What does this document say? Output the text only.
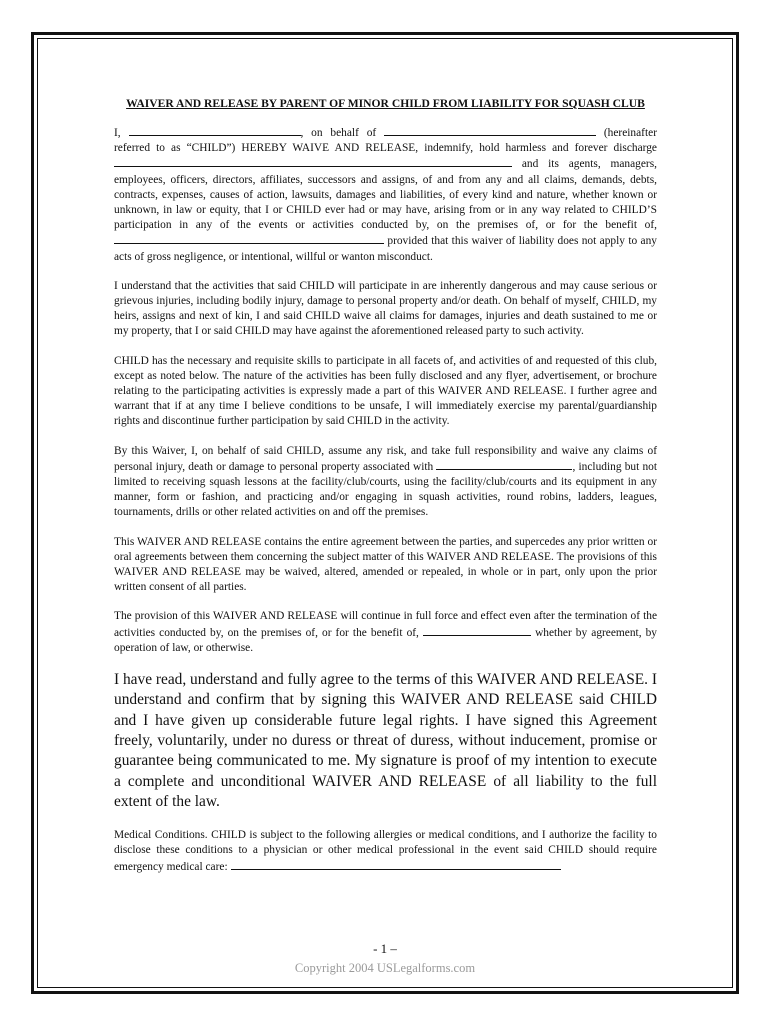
WAIVER AND RELEASE BY PARENT OF MINOR CHILD FROM LIABILITY FOR SQUASH CLUB
I,	, on behalf of	(hereinafter referred to as “CHILD”) HEREBY WAIVE AND RELEASE, indemnify, hold harmless and forever discharge  and its agents, managers, employees, officers, directors, affiliates, successors and assigns, of and from any and all claims, demands, debts, contracts, expenses, causes of action, lawsuits, damages and liabilities, of every kind and nature, whether known or unknown, in law or equity, that I or CHILD ever had or may have, arising from or in any way related to CHILD’S participation in any of the events or activities conducted by, on the premises of, or for the benefit of,  provided that this waiver of liability does not apply to any acts of gross negligence, or intentional, willful or wanton misconduct.
I understand that the activities that said CHILD will participate in are inherently dangerous and may cause serious or grievous injuries, including bodily injury, damage to personal property and/or death. On behalf of myself, CHILD, my heirs, assigns and next of kin, I and said CHILD waive all claims for damages, injuries and death sustained to me or my property, that I or said CHILD may have against the aforementioned released party to such activity.
CHILD has the necessary and requisite skills to participate in all facets of, and activities of and requested of this club, except as noted below. The nature of the activities has been fully disclosed and any flyer, advertisement, or brochure relating to the participating activities is expressly made a part of this WAIVER AND RELEASE. I further agree and warrant that if at any time I believe conditions to be unsafe, I will immediately exercise my parental/guardianship rights and discontinue further participation by said CHILD in the activity.
By this Waiver, I, on behalf of said CHILD, assume any risk, and take full responsibility and waive any claims of personal injury, death or damage to personal property associated with	, including but not limited to receiving squash lessons at the facility/club/courts, using the facility/club/courts and its equipment in any manner, form or fashion, and practicing and/or engaging in squash activities, round robins, ladders, leagues, tournaments, drills or other related activities on and off the premises.
This WAIVER AND RELEASE contains the entire agreement between the parties, and supercedes any prior written or oral agreements between them concerning the subject matter of this WAIVER AND RELEASE. The provisions of this WAIVER AND RELEASE may be waived, altered, amended or repealed, in whole or in part, only upon the prior written consent of all parties.
The provision of this WAIVER AND RELEASE will continue in full force and effect even after the termination of the activities conducted by, on the premises of, or for the benefit of,	whether by agreement, by operation of law, or otherwise.
I have read, understand and fully agree to the terms of this WAIVER AND RELEASE. I understand and confirm that by signing this WAIVER AND RELEASE said CHILD and I have given up considerable future legal rights. I have signed this Agreement freely, voluntarily, under no duress or threat of duress, without inducement, promise or guarantee being communicated to me. My signature is proof of my intention to execute a complete and unconditional WAIVER AND RELEASE of all liability to the full extent of the law.
Medical Conditions. CHILD is subject to the following allergies or medical conditions, and I authorize the facility to disclose these conditions to a physician or other medical professional in the event said CHILD should require emergency medical care:
- 1 –
Copyright 2004 USLegalforms.com
